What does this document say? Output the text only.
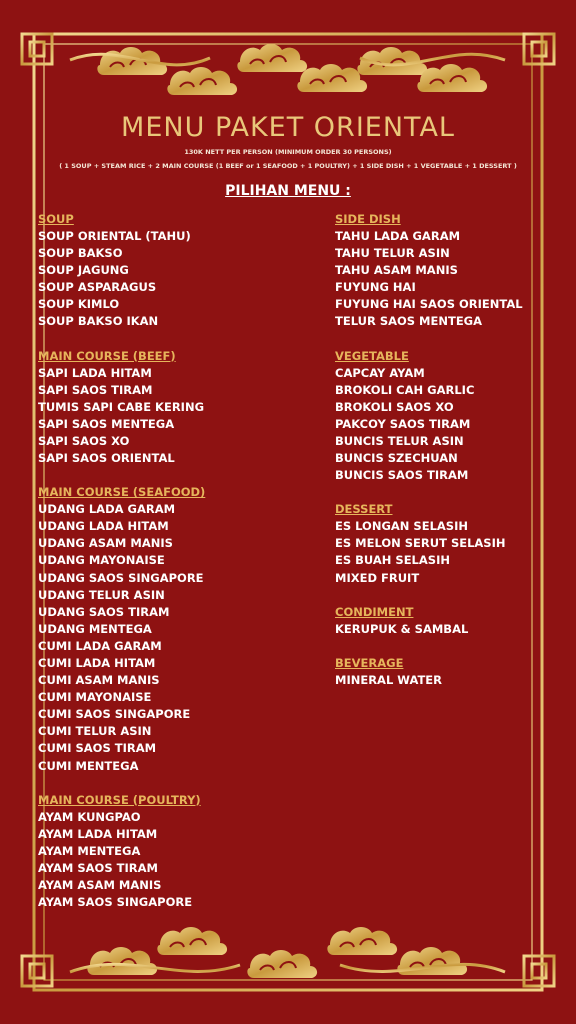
MENU PAKET ORIENTAL
130K NETT PER PERSON (MINIMUM ORDER 30 PERSONS)
( 1 SOUP + STEAM RICE + 2 MAIN COURSE (1 BEEF or 1 SEAFOOD + 1 POULTRY) + 1 SIDE DISH + 1 VEGETABLE + 1 DESSERT )
PILIHAN MENU :
SOUP
SOUP ORIENTAL (TAHU)
SOUP BAKSO
SOUP JAGUNG
SOUP ASPARAGUS
SOUP KIMLO
SOUP BAKSO IKAN
MAIN COURSE (BEEF)
SAPI LADA HITAM
SAPI SAOS TIRAM
TUMIS SAPI CABE KERING
SAPI SAOS MENTEGA
SAPI SAOS XO
SAPI SAOS ORIENTAL
MAIN COURSE (SEAFOOD)
UDANG LADA GARAM
UDANG LADA HITAM
UDANG ASAM MANIS
UDANG MAYONAISE
UDANG SAOS SINGAPORE
UDANG TELUR ASIN
UDANG SAOS TIRAM
UDANG MENTEGA
CUMI LADA GARAM
CUMI LADA HITAM
CUMI ASAM MANIS
CUMI MAYONAISE
CUMI SAOS SINGAPORE
CUMI TELUR ASIN
CUMI SAOS TIRAM
CUMI MENTEGA
MAIN COURSE (POULTRY)
AYAM KUNGPAO
AYAM LADA HITAM
AYAM MENTEGA
AYAM SAOS TIRAM
AYAM ASAM MANIS
AYAM SAOS SINGAPORE
SIDE DISH
TAHU LADA GARAM
TAHU TELUR ASIN
TAHU ASAM MANIS
FUYUNG HAI
FUYUNG HAI SAOS ORIENTAL
TELUR SAOS MENTEGA
VEGETABLE
CAPCAY AYAM
BROKOLI CAH GARLIC
BROKOLI SAOS XO
PAKCOY SAOS TIRAM
BUNCIS TELUR ASIN
BUNCIS SZECHUAN
BUNCIS SAOS TIRAM
DESSERT
ES LONGAN SELASIH
ES MELON SERUT SELASIH
ES BUAH SELASIH
MIXED FRUIT
CONDIMENT
KERUPUK & SAMBAL
BEVERAGE
MINERAL WATER
